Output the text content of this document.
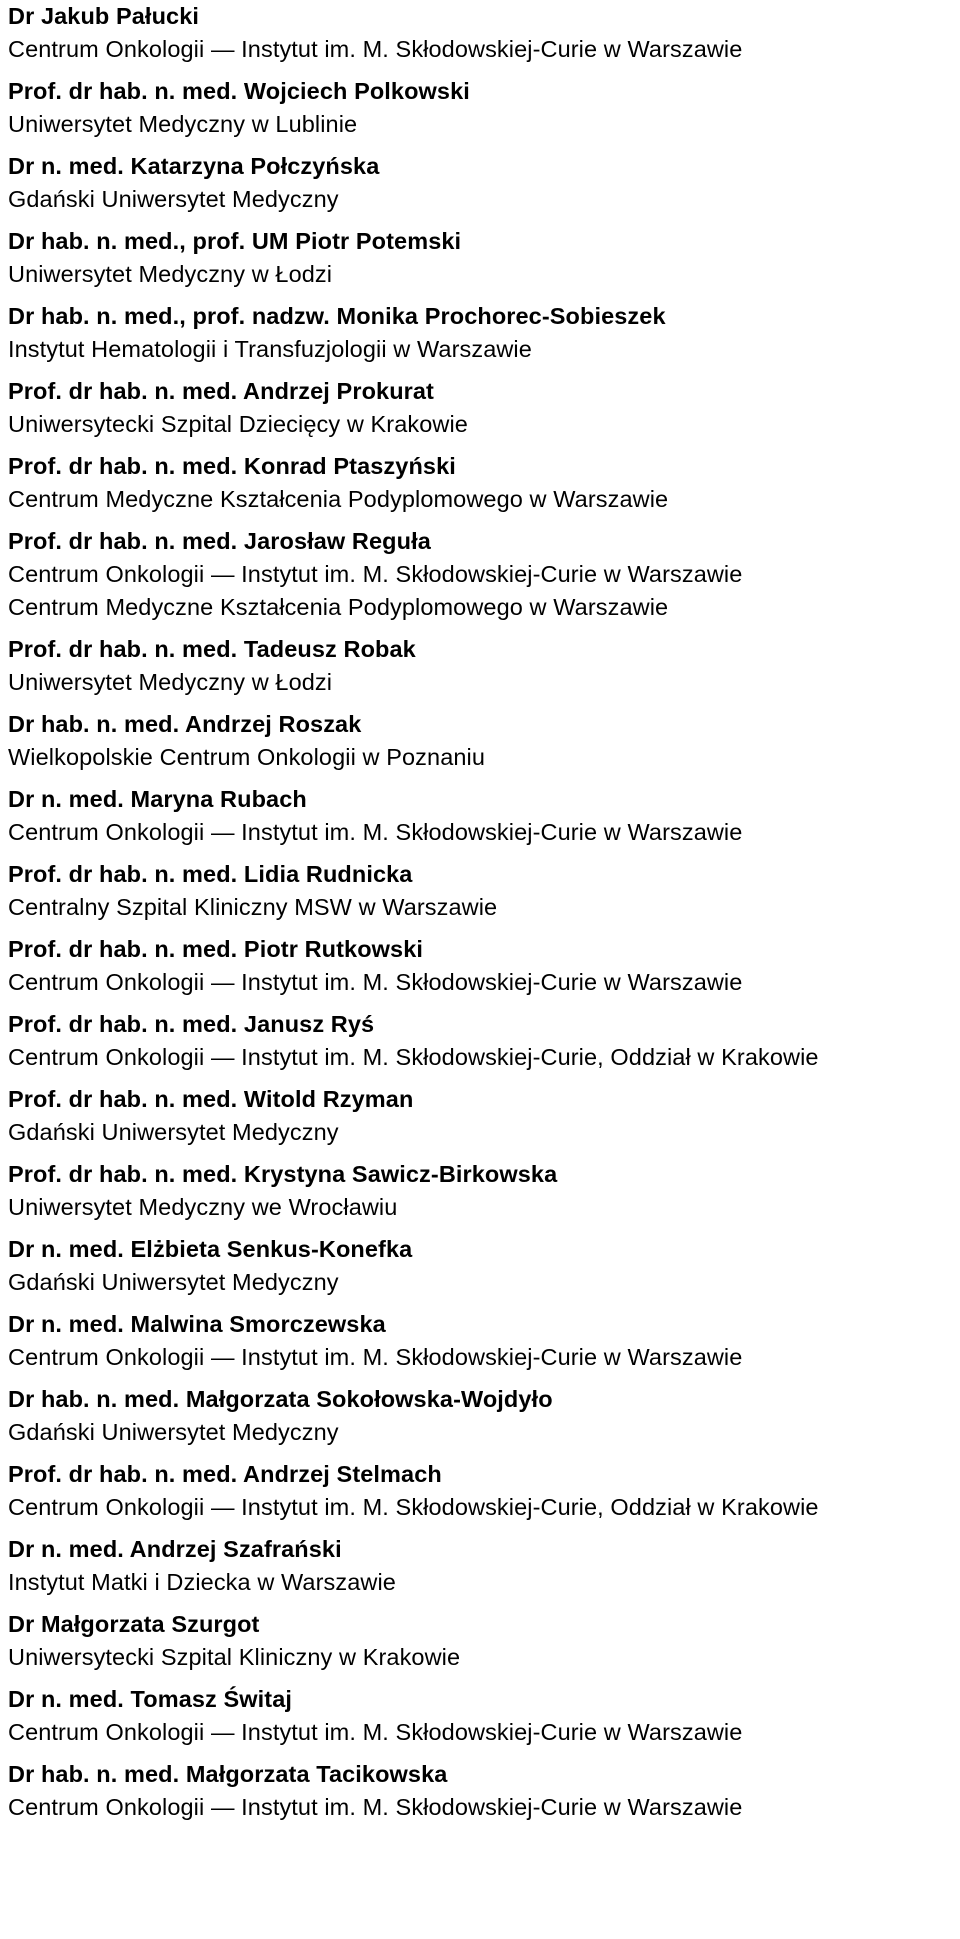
Dr Jakub Pałucki
Centrum Onkologii — Instytut im. M. Skłodowskiej-Curie w Warszawie
Prof. dr hab. n. med. Wojciech Polkowski
Uniwersytet Medyczny w Lublinie
Dr n. med. Katarzyna Połczyńska
Gdański Uniwersytet Medyczny
Dr hab. n. med., prof. UM Piotr Potemski
Uniwersytet Medyczny w Łodzi
Dr hab. n. med., prof. nadzw. Monika Prochorec-Sobieszek
Instytut Hematologii i Transfuzjologii w Warszawie
Prof. dr hab. n. med. Andrzej Prokurat
Uniwersytecki Szpital Dziecięcy w Krakowie
Prof. dr hab. n. med. Konrad Ptaszyński
Centrum Medyczne Kształcenia Podyplomowego w Warszawie
Prof. dr hab. n. med. Jarosław Reguła
Centrum Onkologii — Instytut im. M. Skłodowskiej-Curie w Warszawie
Centrum Medyczne Kształcenia Podyplomowego w Warszawie
Prof. dr hab. n. med. Tadeusz Robak
Uniwersytet Medyczny w Łodzi
Dr hab. n. med. Andrzej Roszak
Wielkopolskie Centrum Onkologii w Poznaniu
Dr n. med. Maryna Rubach
Centrum Onkologii — Instytut im. M. Skłodowskiej-Curie w Warszawie
Prof. dr hab. n. med. Lidia Rudnicka
Centralny Szpital Kliniczny MSW w Warszawie
Prof. dr hab. n. med. Piotr Rutkowski
Centrum Onkologii — Instytut im. M. Skłodowskiej-Curie w Warszawie
Prof. dr hab. n. med. Janusz Ryś
Centrum Onkologii — Instytut im. M. Skłodowskiej-Curie, Oddział w Krakowie
Prof. dr hab. n. med. Witold Rzyman
Gdański Uniwersytet Medyczny
Prof. dr hab. n. med. Krystyna Sawicz-Birkowska
Uniwersytet Medyczny we Wrocławiu
Dr n. med. Elżbieta Senkus-Konefka
Gdański Uniwersytet Medyczny
Dr n. med. Malwina Smorczewska
Centrum Onkologii — Instytut im. M. Skłodowskiej-Curie w Warszawie
Dr hab. n. med. Małgorzata Sokołowska-Wojdyło
Gdański Uniwersytet Medyczny
Prof. dr hab. n. med. Andrzej Stelmach
Centrum Onkologii — Instytut im. M. Skłodowskiej-Curie, Oddział w Krakowie
Dr n. med. Andrzej Szafrański
Instytut Matki i Dziecka w Warszawie
Dr Małgorzata Szurgot
Uniwersytecki Szpital Kliniczny w Krakowie
Dr n. med. Tomasz Świtaj
Centrum Onkologii — Instytut im. M. Skłodowskiej-Curie w Warszawie
Dr hab. n. med. Małgorzata Tacikowska
Centrum Onkologii — Instytut im. M. Skłodowskiej-Curie w Warszawie
